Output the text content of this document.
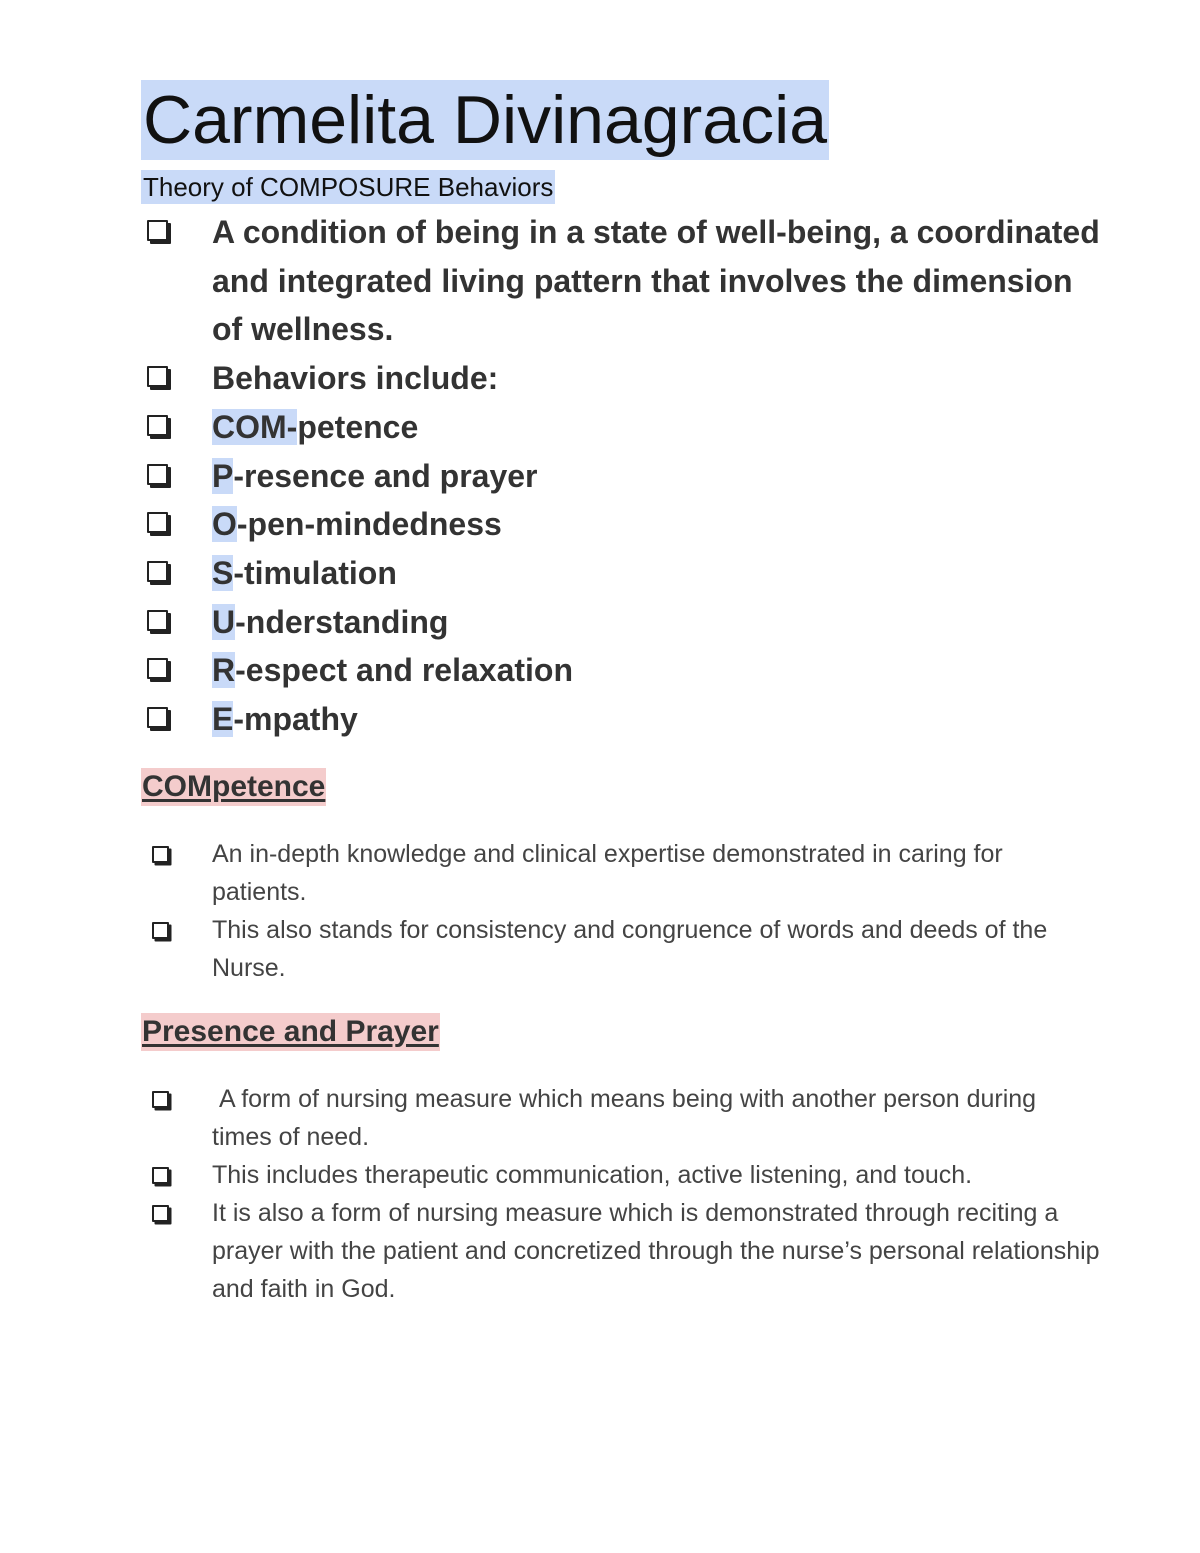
Carmelita Divinagracia
Theory of COMPOSURE Behaviors
A condition of being in a state of well-being, a coordinated and integrated living pattern that involves the dimension of wellness.
Behaviors include:
COM-petence
P-resence and prayer
O-pen-mindedness
S-timulation
U-nderstanding
R-espect and relaxation
E-mpathy
COMpetence
An in-depth knowledge and clinical expertise demonstrated in caring for patients.
This also stands for consistency and congruence of words and deeds of the Nurse.
Presence and Prayer
A form of nursing measure which means being with another person during times of need.
This includes therapeutic communication, active listening, and touch.
It is also a form of nursing measure which is demonstrated through reciting a prayer with the patient and concretized through the nurse’s personal relationship and faith in God.
